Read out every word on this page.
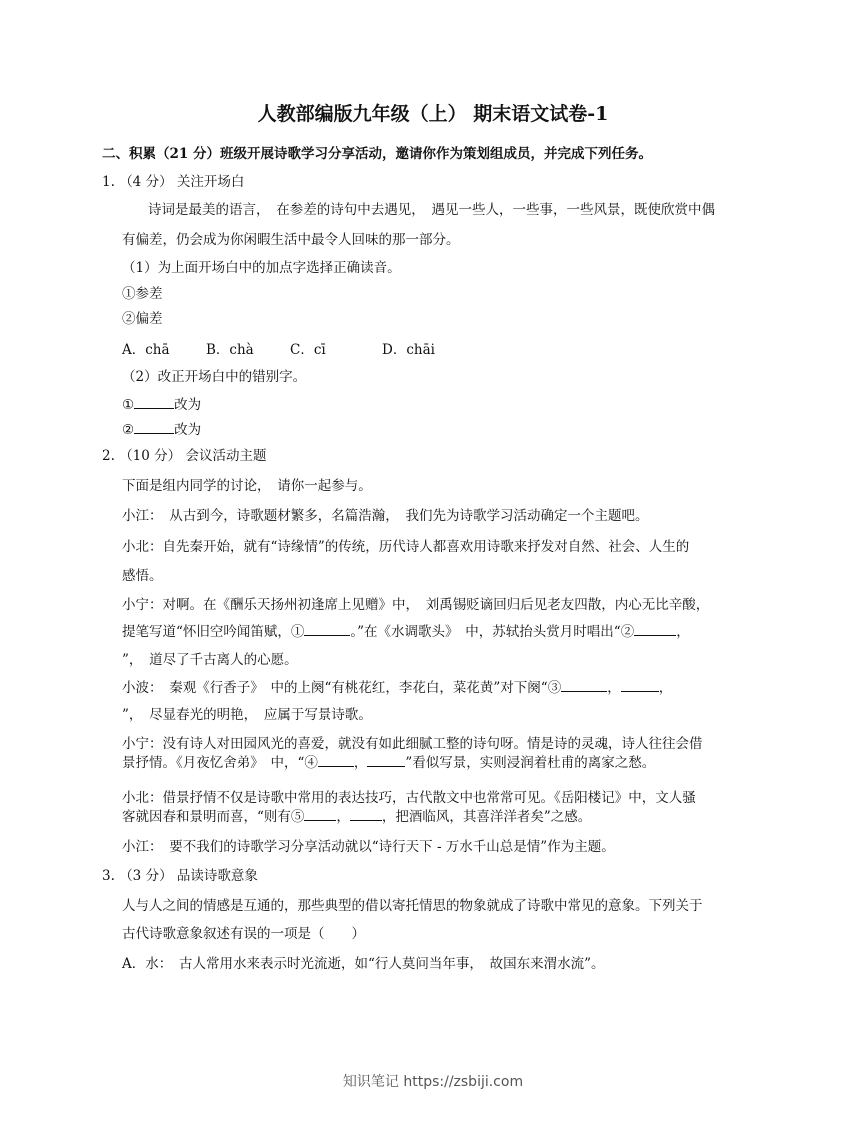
人教部编版九年级（上） 期末语文试卷-1
二、积累（21 分）班级开展诗歌学习分享活动，邀请你作为策划组成员，并完成下列任务。
1. （4 分） 关注开场白
诗词是最美的语言，　在参差的诗句中去遇见，　遇见一些人，一些事，一些风景，既使欣赏中偶
有偏差，仍会成为你闲暇生活中最令人回味的那一部分。
（1）为上面开场白中的加点字选择正确读音。
①参差
②偏差
A．chā	B．chà	C．cī	D．chāi
（2）改正开场白中的错别字。
①	改为
②	改为
2. （10 分） 会议活动主题
下面是组内同学的讨论，　请你一起参与。
小江：　从古到今，诗歌题材繁多，名篇浩瀚，　我们先为诗歌学习活动确定一个主题吧。
小北：自先秦开始，就有“诗缘情”的传统，历代诗人都喜欢用诗歌来抒发对自然、社会、人生的
感悟。
小宁：对啊。在《酬乐天扬州初逢席上见赠》中，　刘禹锡贬谪回归后见老友四散，内心无比辛酸，
提笔写道“怀旧空吟闻笛赋，①	。”在《水调歌头》　中，苏轼抬头赏月时唱出“②	，
”，　道尽了千古离人的心愿。
小波：　秦观《行香子》　中的上阕“有桃花红，李花白，菜花黄”对下阕“③	，	，
”，　尽显春光的明艳，　应属于写景诗歌。
小宁：没有诗人对田园风光的喜爱，就没有如此细腻工整的诗句呀。情是诗的灵魂，诗人往往会借
景抒情。《月夜忆舍弟》　中，“④	，	”看似写景，实则浸润着杜甫的离家之愁。
小北：借景抒情不仅是诗歌中常用的表达技巧，古代散文中也常常可见。《岳阳楼记》中，文人骚
客就因春和景明而喜，“则有⑤ ， ，把酒临风，其喜洋洋者矣”之感。
小江：　要不我们的诗歌学习分享活动就以“诗行天下 - 万水千山总是情”作为主题。
3. （3 分） 品读诗歌意象
人与人之间的情感是互通的，那些典型的借以寄托情思的物象就成了诗歌中常见的意象。下列关于
古代诗歌意象叙述有误的一项是（　　）
A．水：　古人常用水来表示时光流逝，如“行人莫问当年事，　故国东来渭水流”。
知识笔记 https://zsbiji.com
